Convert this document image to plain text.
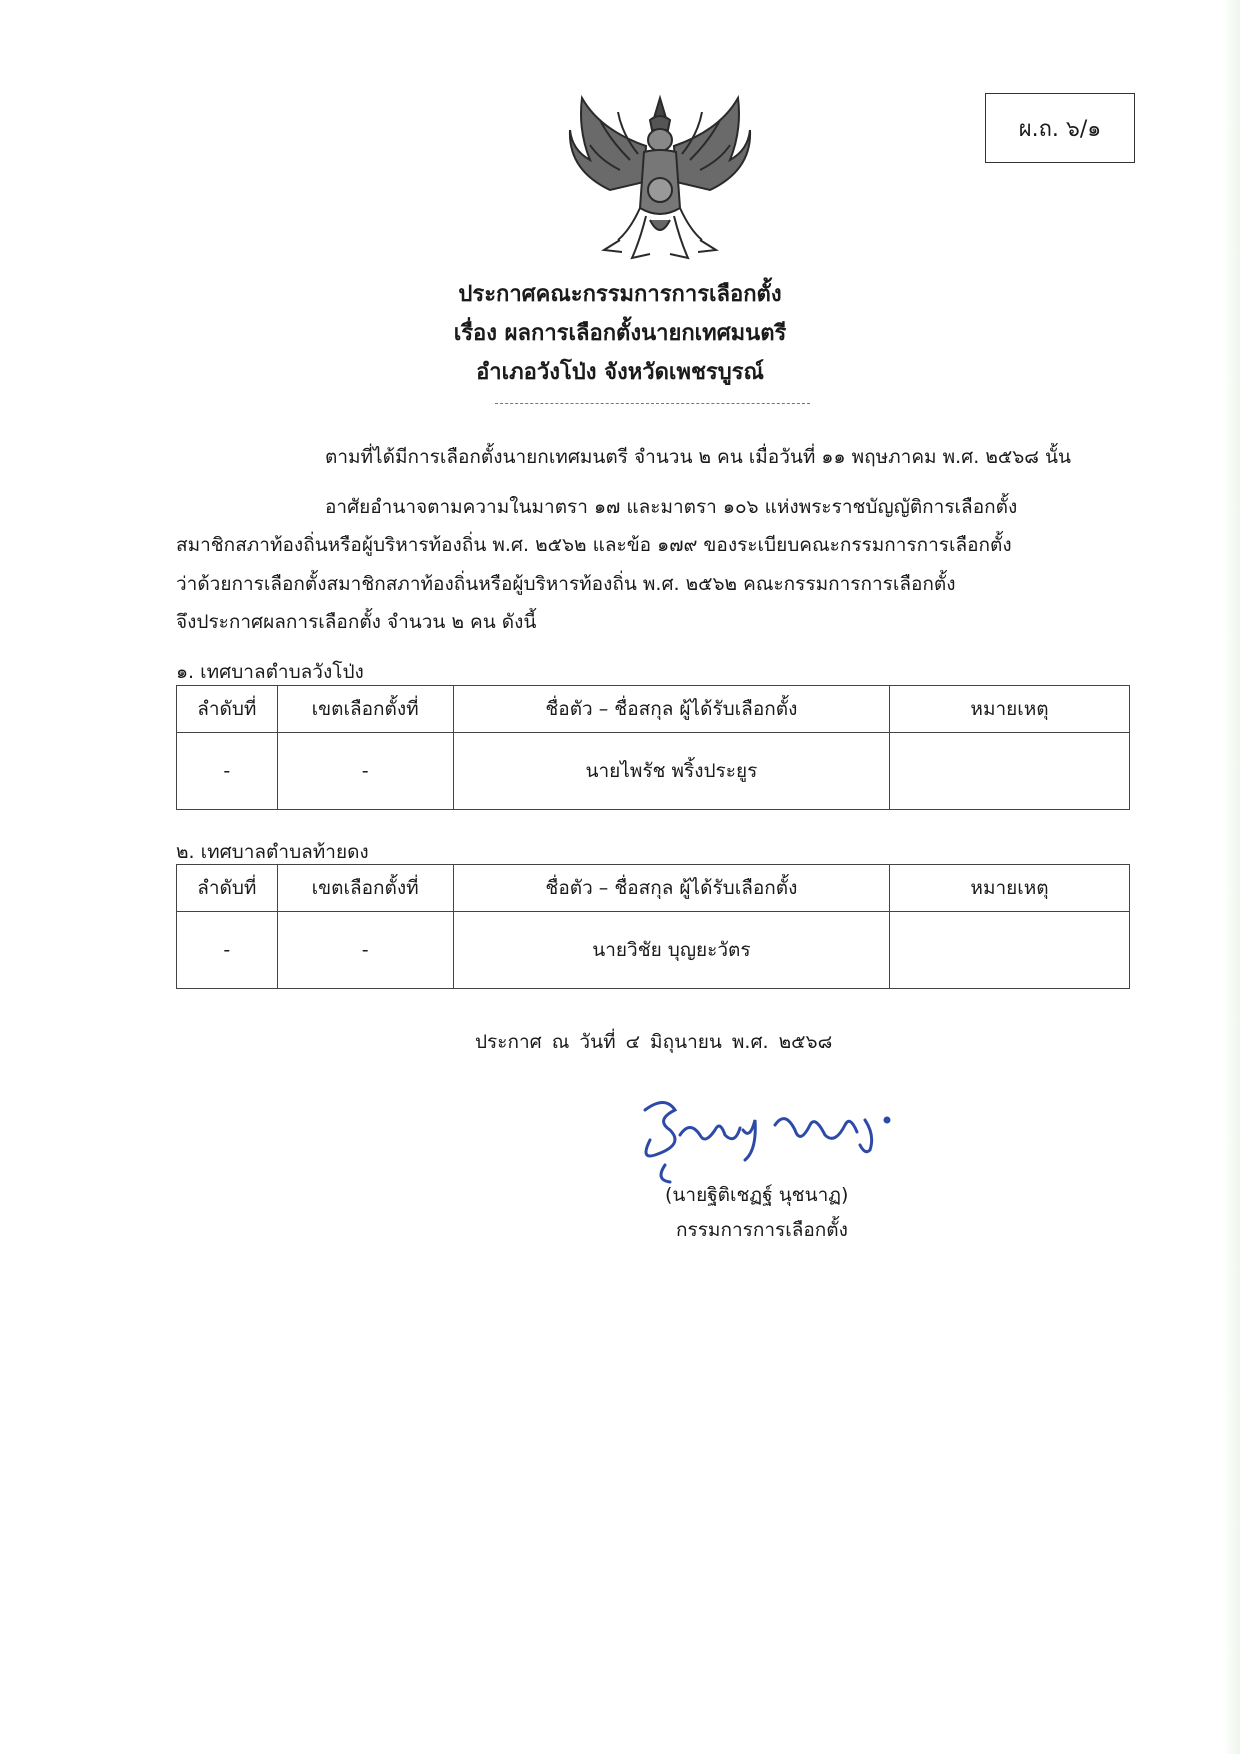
ผ.ถ. ๖/๑
ประกาศคณะกรรมการการเลือกตั้ง
เรื่อง ผลการเลือกตั้งนายกเทศมนตรี
อำเภอวังโป่ง จังหวัดเพชรบูรณ์
ตามที่ได้มีการเลือกตั้งนายกเทศมนตรี จำนวน ๒ คน เมื่อวันที่ ๑๑ พฤษภาคม พ.ศ. ๒๕๖๘ นั้น
อาศัยอำนาจตามความในมาตรา ๑๗ และมาตรา ๑๐๖ แห่งพระราชบัญญัติการเลือกตั้ง
สมาชิกสภาท้องถิ่นหรือผู้บริหารท้องถิ่น พ.ศ. ๒๕๖๒ และข้อ ๑๗๙ ของระเบียบคณะกรรมการการเลือกตั้ง
ว่าด้วยการเลือกตั้งสมาชิกสภาท้องถิ่นหรือผู้บริหารท้องถิ่น พ.ศ. ๒๕๖๒ คณะกรรมการการเลือกตั้ง
จึงประกาศผลการเลือกตั้ง จำนวน ๒ คน ดังนี้
๑. เทศบาลตำบลวังโป่ง
ลำดับที่	เขตเลือกตั้งที่	ชื่อตัว – ชื่อสกุล ผู้ได้รับเลือกตั้ง	หมายเหตุ
-	-	นายไพรัช พริ้งประยูร	
๒. เทศบาลตำบลท้ายดง
ลำดับที่	เขตเลือกตั้งที่	ชื่อตัว – ชื่อสกุล ผู้ได้รับเลือกตั้ง	หมายเหตุ
-	-	นายวิชัย บุญยะวัตร	
ประกาศ ณ วันที่ ๔ มิถุนายน พ.ศ. ๒๕๖๘
(นายฐิติเชฏฐ์ นุชนาฏ)
กรรมการการเลือกตั้ง
